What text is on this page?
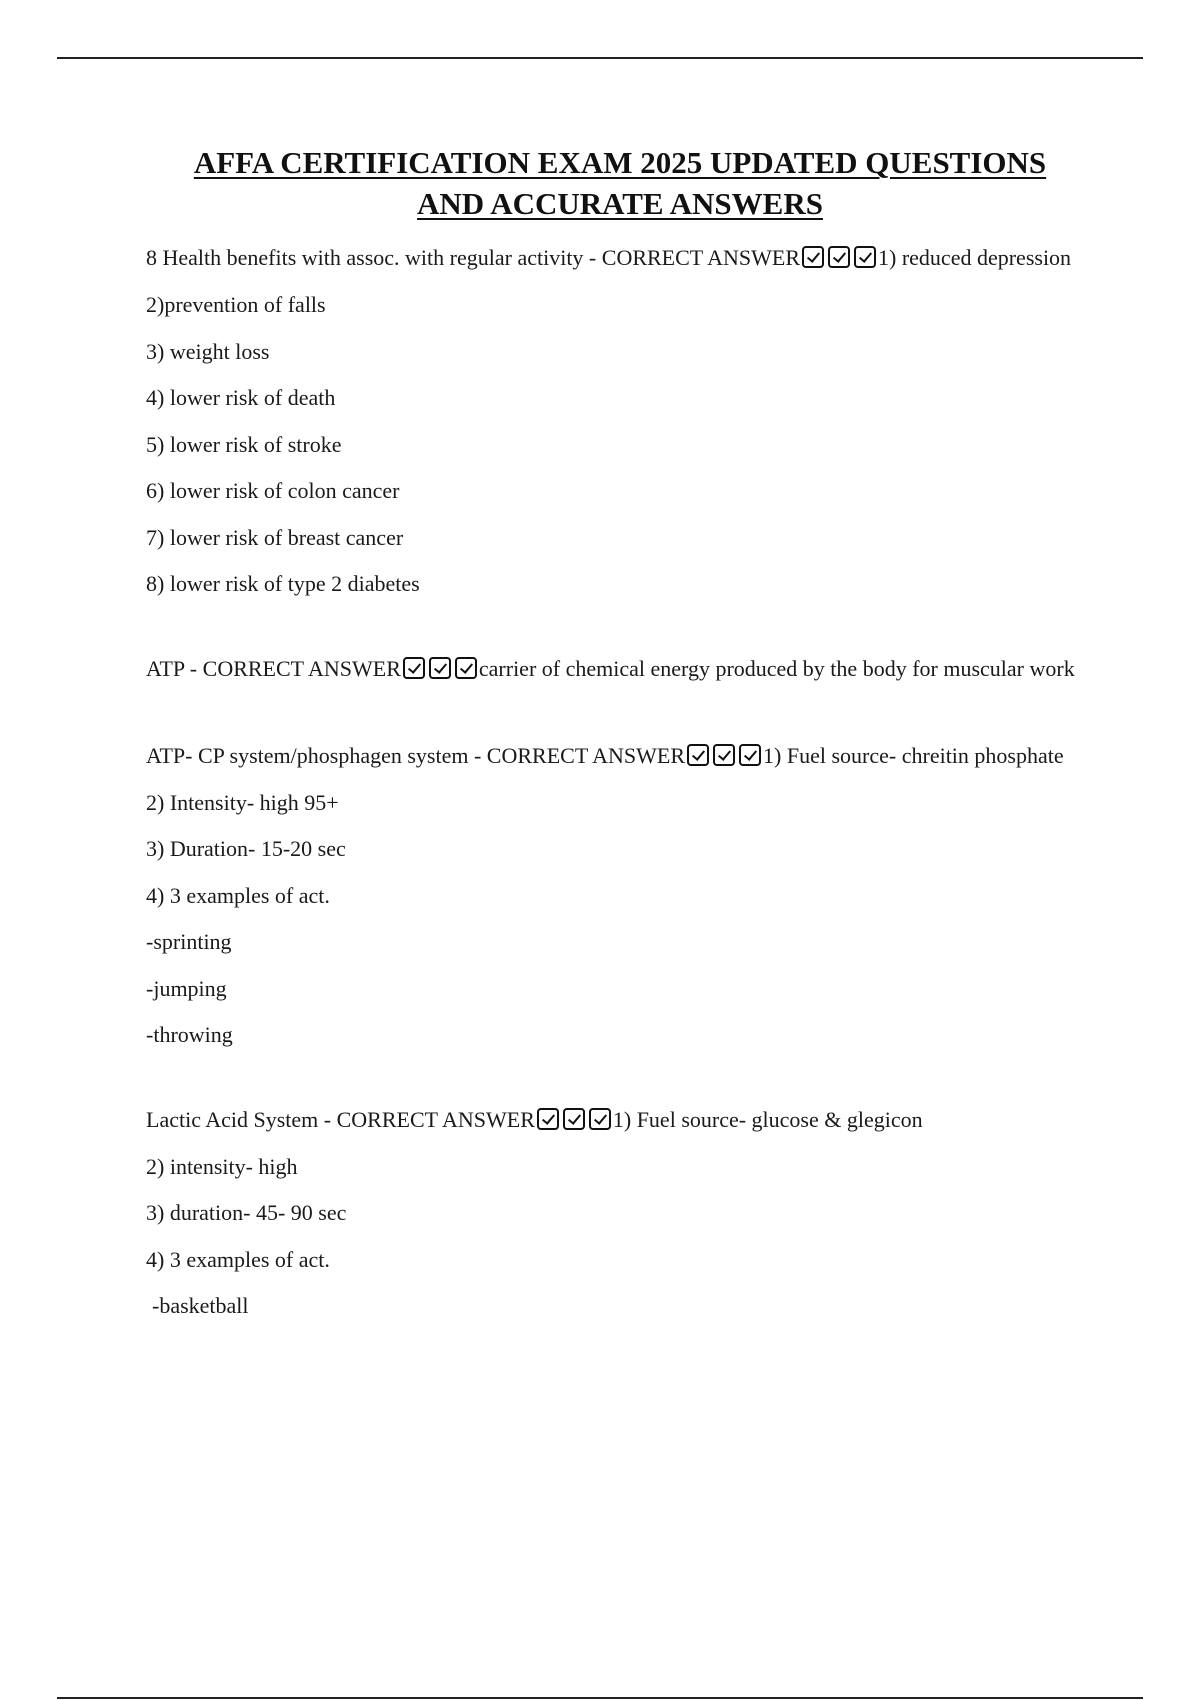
AFFA CERTIFICATION EXAM 2025 UPDATED QUESTIONS
AND ACCURATE ANSWERS

8 Health benefits with assoc. with regular activity - CORRECT ANSWER	1) reduced depression

2)prevention of falls

3) weight loss

4) lower risk of death

5) lower risk of stroke

6) lower risk of colon cancer

7) lower risk of breast cancer

8) lower risk of type 2 diabetes

ATP - CORRECT ANSWER	carrier of chemical energy produced by the body for muscular work

ATP- CP system/phosphagen system - CORRECT ANSWER	1) Fuel source- chreitin phosphate

2) Intensity- high 95+

3) Duration- 15-20 sec

4) 3 examples of act.

-sprinting

-jumping

-throwing

Lactic Acid System - CORRECT ANSWER	1) Fuel source- glucose & glegicon

2) intensity- high

3) duration- 45- 90 sec

4) 3 examples of act.

-basketball
